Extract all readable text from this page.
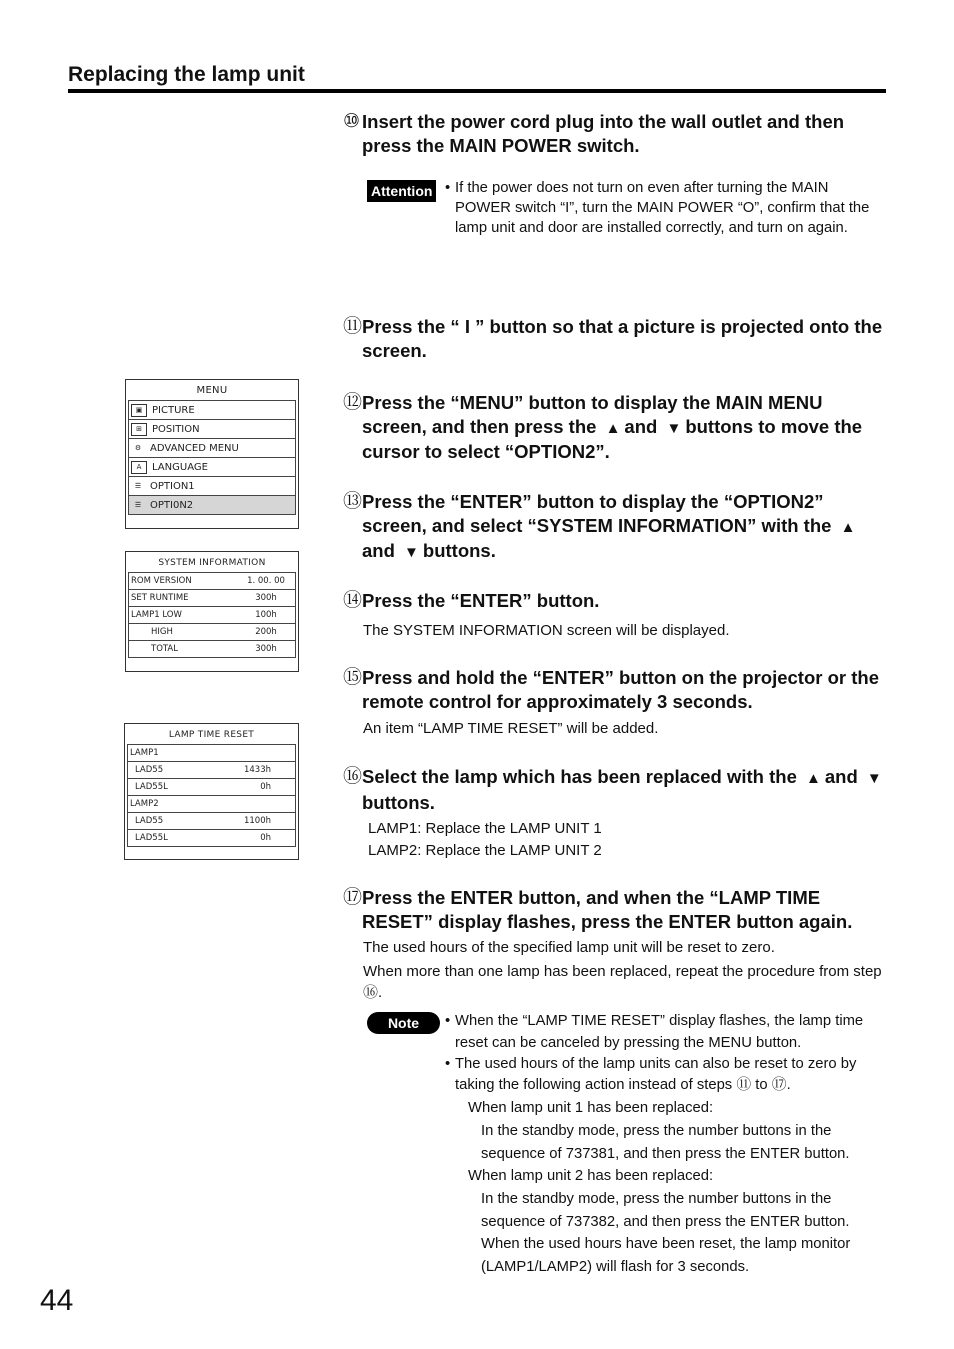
Replacing the lamp unit
⑩ Insert the power cord plug into the wall outlet and then press the MAIN POWER switch.
Attention • If the power does not turn on even after turning the MAIN POWER switch “I”, turn the MAIN POWER “O”, confirm that the lamp unit and door are installed correctly, and turn on again.
⑪ Press the “ I ” button so that a picture is projected onto the screen.
⑫ Press the “MENU” button to display the MAIN MENU screen, and then press the ▲ and ▼ buttons to move the cursor to select “OPTION2”.
⑬ Press the “ENTER” button to display the “OPTION2” screen, and select “SYSTEM INFORMATION” with the ▲and ▼ buttons.
⑭ Press the “ENTER” button.
The SYSTEM INFORMATION screen will be displayed.
⑮ Press and hold the “ENTER” button on the projector or the remote control for approximately 3 seconds.
An item “LAMP TIME RESET” will be added.
⑯ Select the lamp which has been replaced with the ▲ and ▼buttons.
LAMP1: Replace the LAMP UNIT 1
LAMP2: Replace the LAMP UNIT 2
⑰ Press the ENTER button, and when the “LAMP TIME RESET” display flashes, press the ENTER button again.
The used hours of the specified lamp unit will be reset to zero.
When more than one lamp has been replaced, repeat the procedure from step ⑯.
Note	• When the “LAMP TIME RESET” display flashes, the lamp time reset can be canceled by pressing the MENU button.
• The used hours of the lamp units can also be reset to zero by taking the following action instead of steps ⑪ to ⑰.
When lamp unit 1 has been replaced:
In the standby mode, press the number buttons in the sequence of 737381, and then press the ENTER button.
When lamp unit 2 has been replaced:
In the standby mode, press the number buttons in the sequence of 737382, and then press the ENTER button.
When the used hours have been reset, the lamp monitor (LAMP1/LAMP2) will flash for 3 seconds.
MENU
▣ PICTURE
⊞	POSITION
⚙ ADVANCED MENU
A	LANGUAGE
☰ OPTION1
☰ OPTI0N2
SYSTEM INFORMATION
ROM VERSION	1. 00. 00
SET RUNTIME	300h
LAMP1 LOW	100h
HIGH	200h
TOTAL	300h
LAMP TIME RESET
LAMP1
LAD55	1433h
LAD55L	0h
LAMP2
LAD55	1100h
LAD55L	0h
44
